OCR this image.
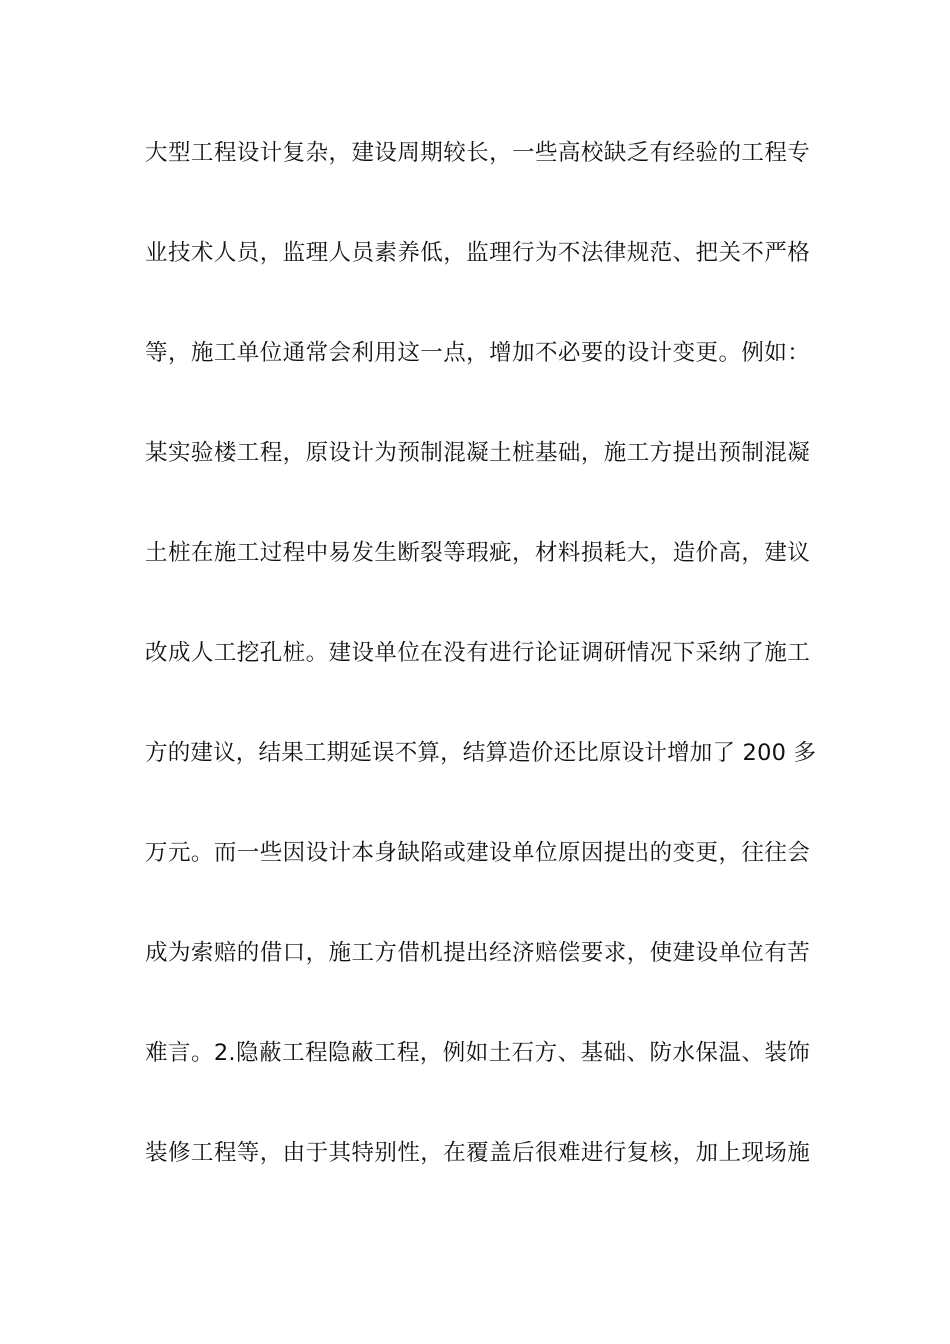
大型工程设计复杂，建设周期较长，一些高校缺乏有经验的工程专
业技术人员，监理人员素养低，监理行为不法律规范、把关不严格
等，施工单位通常会利用这一点，增加不必要的设计变更。例如：
某实验楼工程，原设计为预制混凝土桩基础，施工方提出预制混凝
土桩在施工过程中易发生断裂等瑕疵，材料损耗大，造价高，建议
改成人工挖孔桩。建设单位在没有进行论证调研情况下采纳了施工
方的建议，结果工期延误不算，结算造价还比原设计增加了 200 多
万元。而一些因设计本身缺陷或建设单位原因提出的变更，往往会
成为索赔的借口，施工方借机提出经济赔偿要求，使建设单位有苦
难言。2.隐蔽工程隐蔽工程，例如土石方、基础、防水保温、装饰
装修工程等，由于其特别性，在覆盖后很难进行复核，加上现场施
